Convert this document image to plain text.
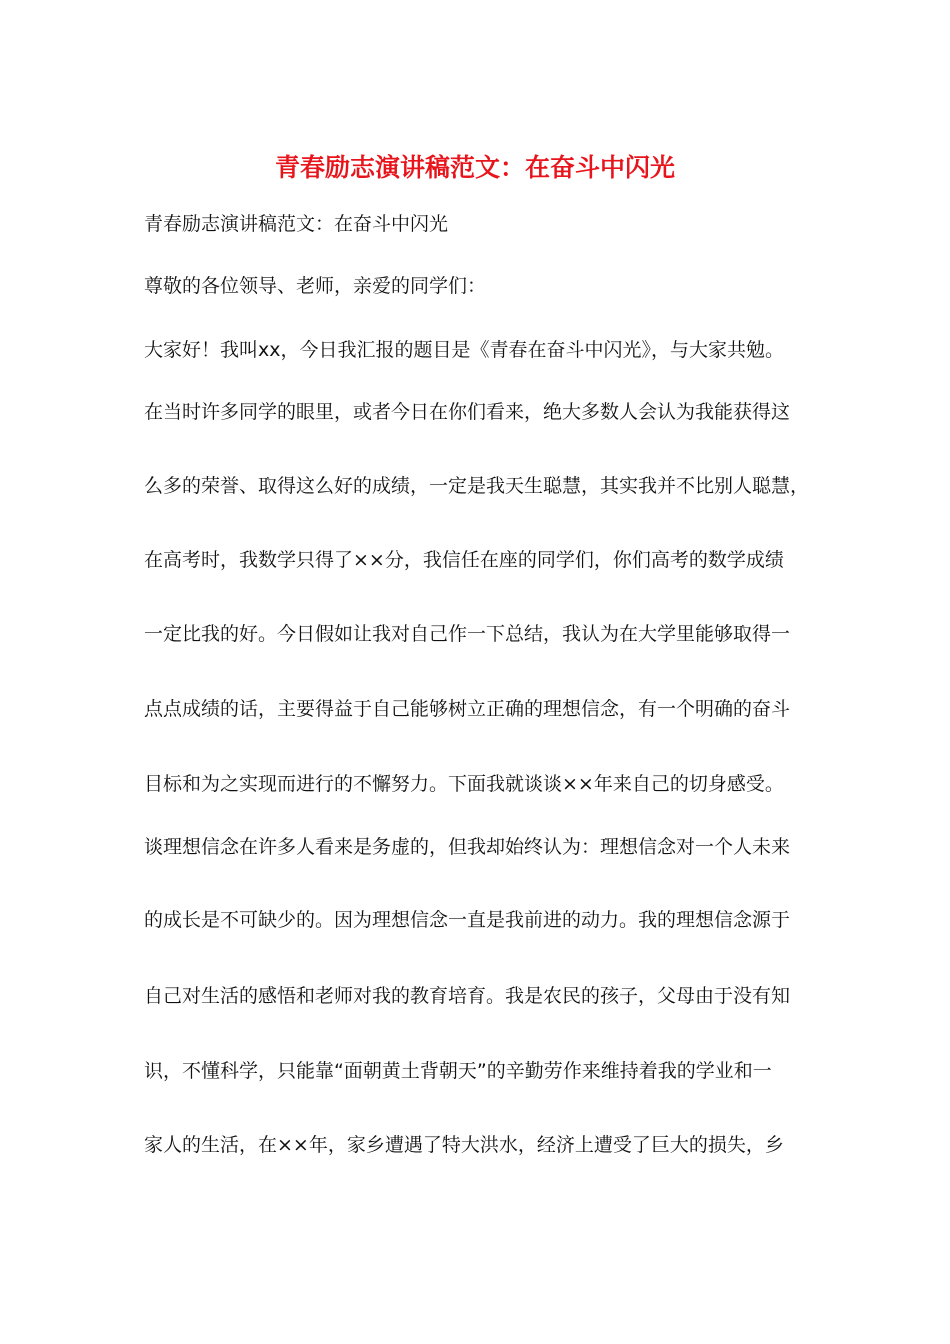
青春励志演讲稿范文：在奋斗中闪光
青春励志演讲稿范文：在奋斗中闪光
尊敬的各位领导、老师，亲爱的同学们：
大家好！我叫xx，今日我汇报的题目是《青春在奋斗中闪光》，与大家共勉。
在当时许多同学的眼里，或者今日在你们看来，绝大多数人会认为我能获得这
么多的荣誉、取得这么好的成绩，一定是我天生聪慧，其实我并不比别人聪慧，
在高考时，我数学只得了××分，我信任在座的同学们，你们高考的数学成绩
一定比我的好。今日假如让我对自己作一下总结，我认为在大学里能够取得一
点点成绩的话，主要得益于自己能够树立正确的理想信念，有一个明确的奋斗
目标和为之实现而进行的不懈努力。下面我就谈谈××年来自己的切身感受。
谈理想信念在许多人看来是务虚的，但我却始终认为：理想信念对一个人未来
的成长是不可缺少的。因为理想信念一直是我前进的动力。我的理想信念源于
自己对生活的感悟和老师对我的教育培育。我是农民的孩子，父母由于没有知
识，不懂科学，只能靠“面朝黄土背朝天”的辛勤劳作来维持着我的学业和一
家人的生活，在××年，家乡遭遇了特大洪水，经济上遭受了巨大的损失，乡
